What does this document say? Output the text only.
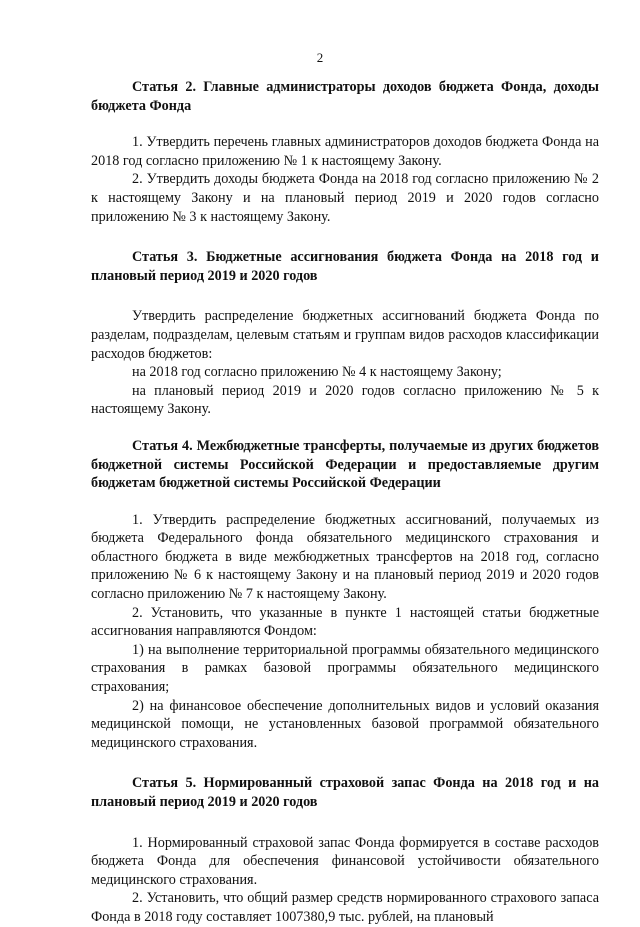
2

Статья 2. Главные администраторы доходов бюджета Фонда, доходы бюджета Фонда

1. Утвердить перечень главных администраторов доходов бюджета Фонда на 2018 год согласно приложению № 1 к настоящему Закону.

2. Утвердить доходы бюджета Фонда на 2018 год согласно приложению № 2 к настоящему Закону и на плановый период 2019 и 2020 годов согласно приложению № 3 к настоящему Закону.

Статья 3. Бюджетные ассигнования бюджета Фонда на 2018 год и плановый период 2019 и 2020 годов

Утвердить распределение бюджетных ассигнований бюджета Фонда по разделам, подразделам, целевым статьям и группам видов расходов классификации расходов бюджетов:

на 2018 год согласно приложению № 4 к настоящему Закону;

на плановый период 2019 и 2020 годов согласно приложению № 5 к настоящему Закону.

Статья 4. Межбюджетные трансферты, получаемые из других бюджетов бюджетной системы Российской Федерации и предоставляемые другим бюджетам бюджетной системы Российской Федерации

1. Утвердить распределение бюджетных ассигнований, получаемых из бюджета Федерального фонда обязательного медицинского страхования и областного бюджета в виде межбюджетных трансфертов на 2018 год, согласно приложению № 6 к настоящему Закону и на плановый период 2019 и 2020 годов согласно приложению № 7 к настоящему Закону.

2. Установить, что указанные в пункте 1 настоящей статьи бюджетные ассигнования направляются Фондом:

1) на выполнение территориальной программы обязательного медицинского страхования в рамках базовой программы обязательного медицинского страхования;

2) на финансовое обеспечение дополнительных видов и условий оказания медицинской помощи, не установленных базовой программой обязательного медицинского страхования.

Статья 5. Нормированный страховой запас Фонда на 2018 год и на плановый период 2019 и 2020 годов

1. Нормированный страховой запас Фонда формируется в составе расходов бюджета Фонда для обеспечения финансовой устойчивости обязательного медицинского страхования.

2. Установить, что общий размер средств нормированного страхового запаса Фонда в 2018 году составляет 1007380,9 тыс. рублей, на плановый
